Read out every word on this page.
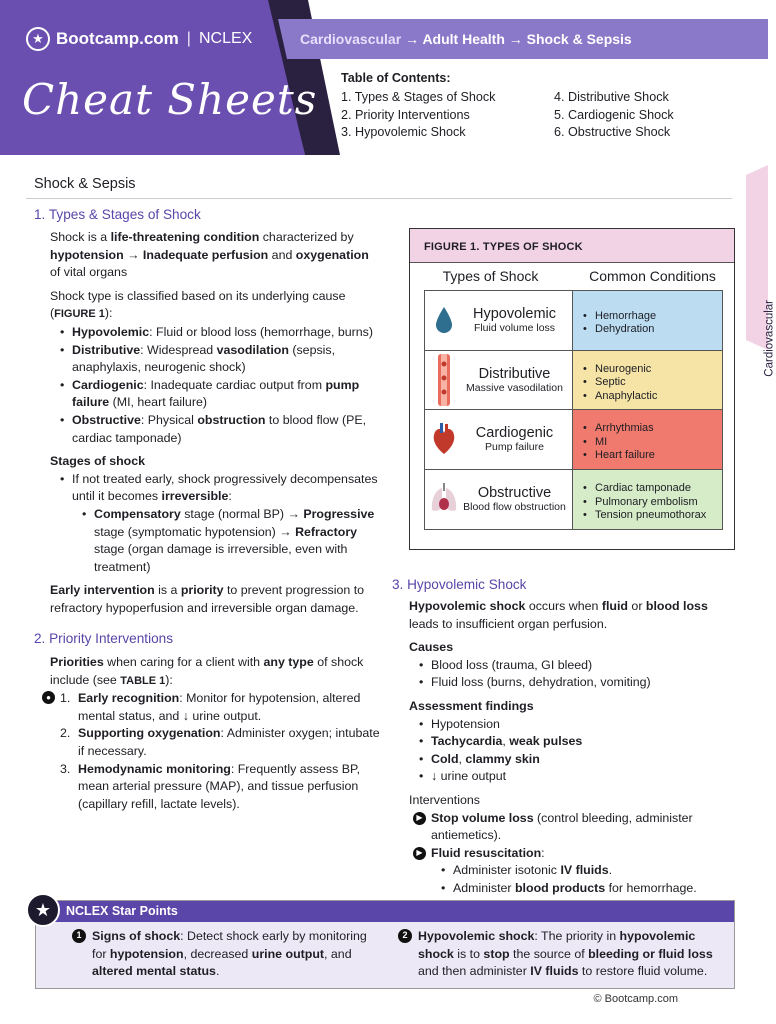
★ Bootcamp.com | NCLEX
Cheat Sheets
Cardiovascular → Adult Health → Shock & Sepsis
Table of Contents:
1. Types & Stages of Shock
2. Priority Interventions
3. Hypovolemic Shock
4. Distributive Shock
5. Cardiogenic Shock
6. Obstructive Shock
Cardiovascular
Shock & Sepsis
1. Types & Stages of Shock

Shock is a life-threatening condition characterized by hypotension → Inadequate perfusion and oxygenation of vital organs

Shock type is classified based on its underlying cause (FIGURE 1):

• Hypovolemic: Fluid or blood loss (hemorrhage, burns)
• Distributive: Widespread vasodilation (sepsis, anaphylaxis, neurogenic shock)
• Cardiogenic: Inadequate cardiac output from pump failure (MI, heart failure)
• Obstructive: Physical obstruction to blood flow (PE, cardiac tamponade)

Stages of shock

• If not treated early, shock progressively decompensates until it becomes irreversible:
• Compensatory stage (normal BP) → Progressive stage (symptomatic hypotension) → Refractory stage (organ damage is irreversible, even with treatment)

Early intervention is a priority to prevent progression to refractory hypoperfusion and irreversible organ damage.

2. Priority Interventions

Priorities when caring for a client with any type of shock include (see TABLE 1):

● 1. Early recognition: Monitor for hypotension, altered mental status, and ↓ urine output.
2. Supporting oxygenation: Administer oxygen; intubate if necessary.
3. Hemodynamic monitoring: Frequently assess BP, mean arterial pressure (MAP), and tissue perfusion (capillary refill, lactate levels).
FIGURE 1. TYPES OF SHOCK
Types of Shock	Common Conditions
Hypovolemic
Fluid volume loss
• Hemorrhage
• Dehydration
Distributive
Massive vasodilation
• Neurogenic
• Septic
• Anaphylactic
Cardiogenic
Pump failure
• Arrhythmias
• MI
• Heart failure
Obstructive
Blood flow obstruction
• Cardiac tamponade
• Pulmonary embolism
• Tension pneumothorax
3. Hypovolemic Shock

Hypovolemic shock occurs when fluid or blood loss leads to insufficient organ perfusion.

Causes

• Blood loss (trauma, GI bleed)
• Fluid loss (burns, dehydration, vomiting)

Assessment findings

• Hypotension
• Tachycardia, weak pulses
• Cold, clammy skin
• ↓ urine output

Interventions

▶ Stop volume loss (control bleeding, administer antiemetics).
▶ Fluid resuscitation:
• Administer isotonic IV fluids.
• Administer blood products for hemorrhage.
NCLEX Star Points
★
1 Signs of shock: Detect shock early by monitoring for hypotension, decreased urine output, and altered mental status.
2 Hypovolemic shock: The priority in hypovolemic shock is to stop the source of bleeding or fluid loss and then administer IV fluids to restore fluid volume.
© Bootcamp.com
